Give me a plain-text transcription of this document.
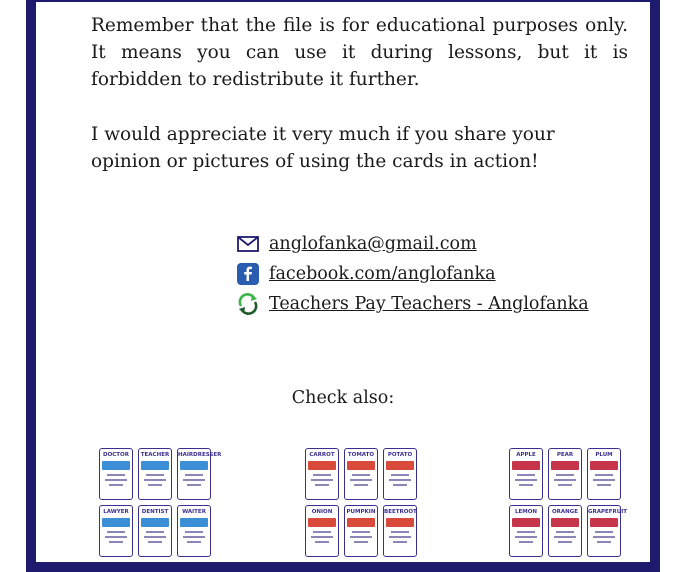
Remember that the file is for educational purposes only. It means you can use it during lessons, but it is forbidden to redistribute it further.

I would appreciate it very much if you share your opinion or pictures of using the cards in action!

anglofanka@gmail.com
facebook.com/anglofanka
Teachers Pay Teachers - Anglofanka
Check also:
DOCTOR	TEACHER	HAIRDRESSER
LAWYER	DENTIST	WAITER
CARROT	TOMATO	POTATO
ONION	PUMPKIN BEETROOT
APPLE	PEAR	PLUM
LEMON	ORANGE	GRAPEFRUIT
